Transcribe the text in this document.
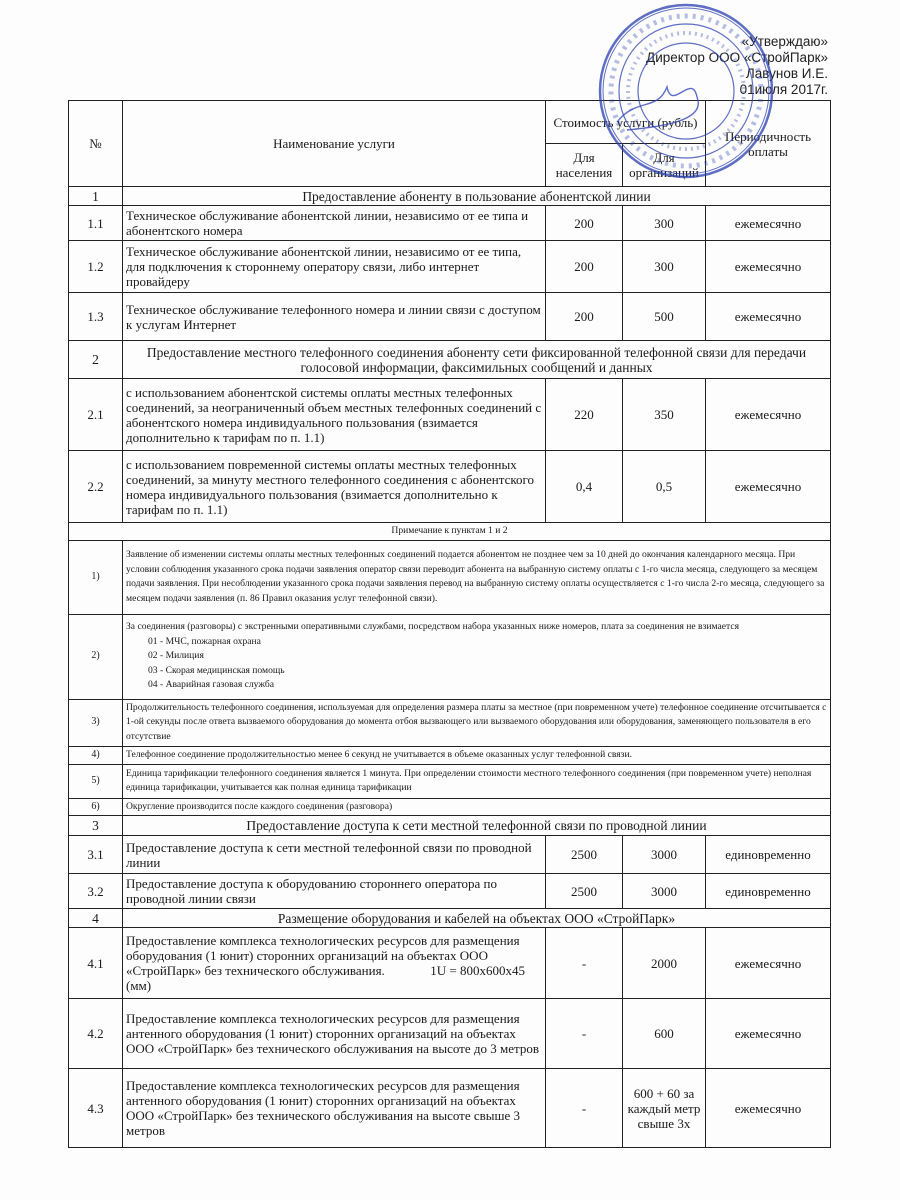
«Утверждаю»
Директор ООО «СтройПарк»
Лавунов И.Е.
01июля 2017г.
№	Наименование услуги	Стоимость услуги (рубль)		Периодичность оплаты
		Для населения	Для организаций	
1	Предоставление абоненту в пользование абонентской линии			
1.1	Техническое обслуживание абонентской линии, независимо от ее типа и абонентского номера	200	300	ежемесячно
1.2	Техническое обслуживание абонентской линии, независимо от ее типа, для подключения к стороннему оператору связи, либо интернет провайдеру	200	300	ежемесячно
1.3	Техническое обслуживание телефонного номера и линии связи с доступом к услугам Интернет	200	500	ежемесячно
2	Предоставление местного телефонного соединения абоненту сети фиксированной телефонной связи для передачи голосовой информации, факсимильных сообщений и данных			
2.1	с использованием абонентской системы оплаты местных телефонных соединений, за неограниченный объем местных телефонных соединений с абонентского номера индивидуального пользования (взимается дополнительно к тарифам по п. 1.1)	220	350	ежемесячно
2.2	с использованием повременной системы оплаты местных телефонных соединений, за минуту местного телефонного соединения с абонентского номера индивидуального пользования (взимается дополнительно к тарифам по п. 1.1)	0,4	0,5	ежемесячно
Примечание к пунктам 1 и 2				
1)	Заявление об изменении системы оплаты местных телефонных соединений подается абонентом не позднее чем за 10 дней до окончания календарного месяца. При условии соблюдения указанного срока подачи заявления оператор связи переводит абонента на выбранную систему оплаты с 1-го числа месяца, следующего за месяцем подачи заявления. При несоблюдении указанного срока подачи заявления перевод на выбранную систему оплаты осуществляется с 1-го числа 2-го месяца, следующего за месяцем подачи заявления (п. 86 Правил оказания услуг телефонной связи).			
2)	За соединения (разговоры) с экстренными оперативными службами, посредством набора указанных ниже номеров, плата за соединения не взимается
01 - МЧС, пожарная охрана
02 - Милиция
03 - Скорая медицинская помощь
04 - Аварийная газовая служба			

3)	Продолжительность телефонного соединения, используемая для определения размера платы за местное (при повременном учете) телефонное соединение отсчитывается с 1-ой секунды после ответа вызваемого оборудования до момента отбоя вызвающего или вызваемого оборудования или оборудования, заменяющего пользователя в его отсутствие			
4)	Телефонное соединение продолжительностью менее 6 секунд не учитывается в объеме оказанных услуг телефонной связи.			
5)	Единица тарификации телефонного соединения является 1 минута. При определении стоимости местного телефонного соединения (при повременном учете) неполная единица тарификации, учитывается как полная единица тарификации			
6)	Округление производится после каждого соединения (разговора)			
3	Предоставление доступа к сети местной телефонной связи по проводной линии			
3.1	Предоставление доступа к сети местной телефонной связи по проводной линии	2500	3000	единовременно
3.2	Предоставление доступа к оборудованию стороннего оператора по проводной линии связи	2500	3000	единовременно
4	Размещение оборудования и кабелей на объектах ООО «СтройПарк»			
4.1	Предоставление комплекса технологических ресурсов для размещения оборудования (1 юнит) сторонних организаций на объектах ООО «СтройПарк» без технического обслуживания.              1U = 800х600х45 (мм)	-	2000	ежемесячно
4.2	Предоставление комплекса технологических ресурсов для размещения антенного оборудования (1 юнит) сторонних организаций на объектах ООО «СтройПарк» без технического обслуживания на высоте до 3 метров	-	600	ежемесячно
4.3	Предоставление комплекса технологических ресурсов для размещения антенного оборудования (1 юнит) сторонних организаций на объектах ООО «СтройПарк» без технического обслуживания на высоте свыше 3 метров	-	600 + 60 за каждый метр свыше 3х	ежемесячно
